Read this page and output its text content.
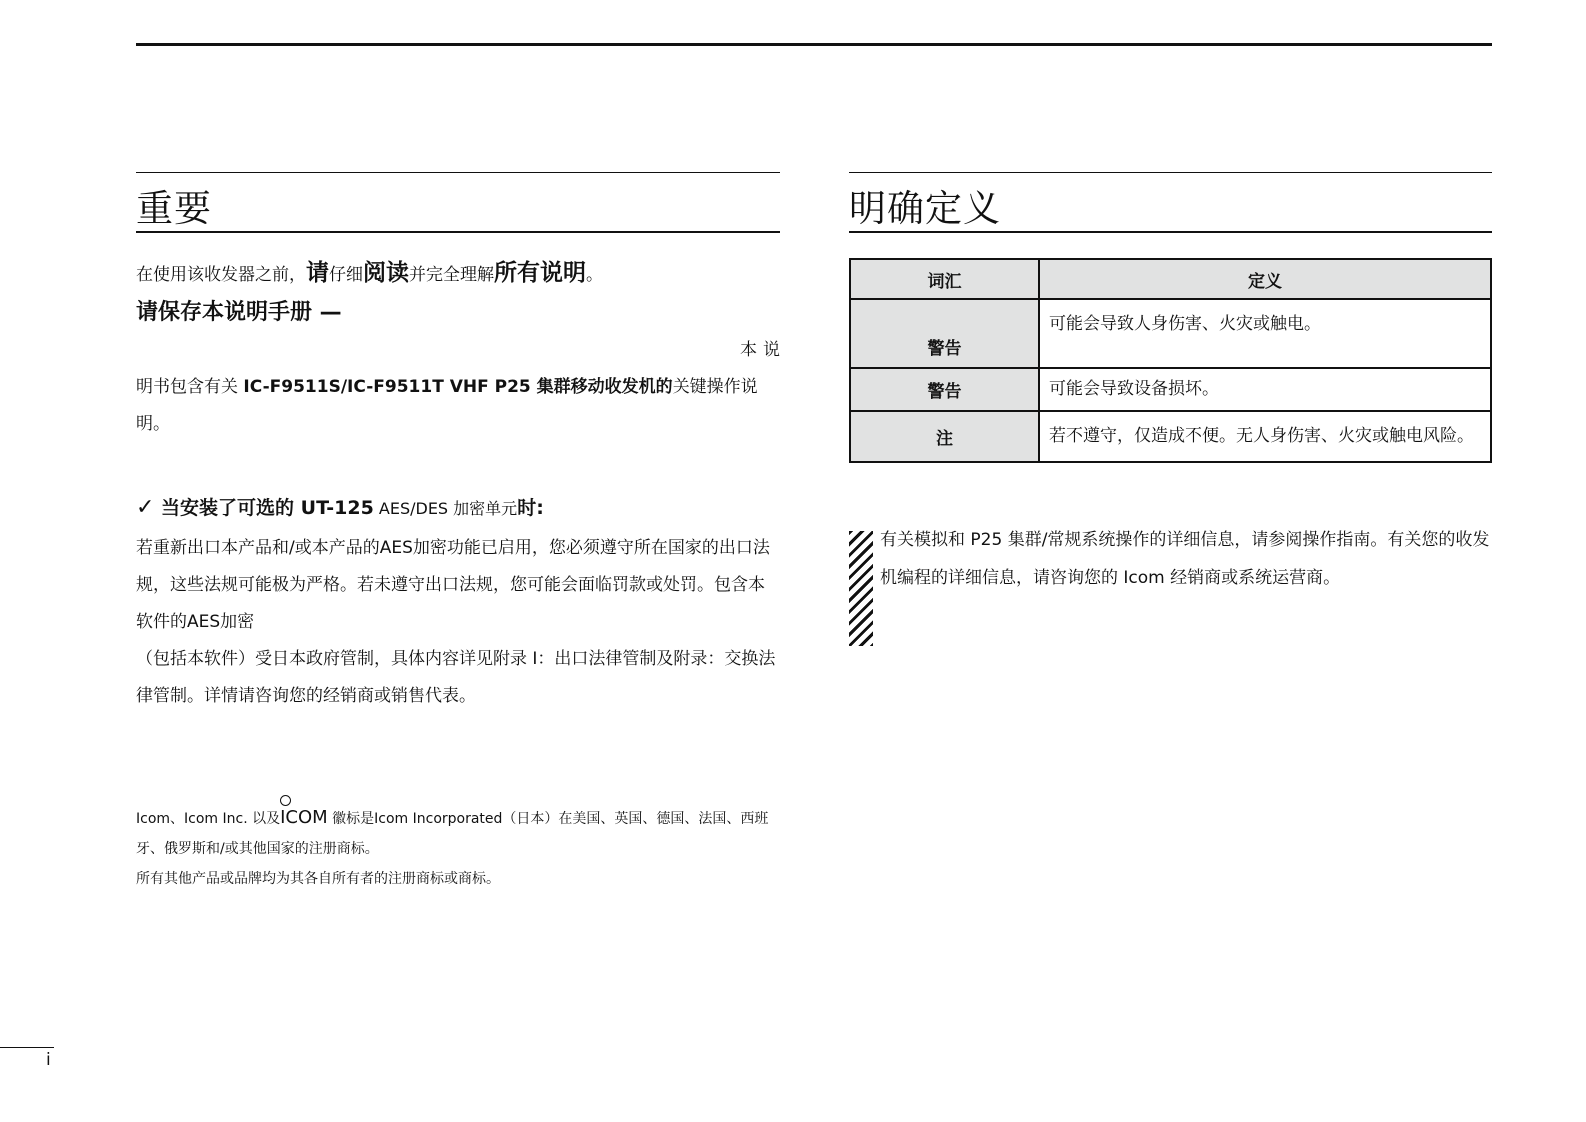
重要
在使用该收发器之前，请仔细阅读并完全理解所有说明。
请保存本说明手册 —
本说
明书包含有关 IC-F9511S/IC-F9511T VHF P25 集群移动收发机的关键操作说明。
✓ 当安装了可选的 UT-125 AES/DES 加密单元时:
若重新出口本产品和/或本产品的AES加密功能已启用，您必须遵守所在国家的出口法规，这些法规可能极为严格。若未遵守出口法规，您可能会面临罚款或处罚。包含本软件的AES加密
（包括本软件）受日本政府管制，具体内容详见附录 I：出口法律管制及附录：交换法律管制。详情请咨询您的经销商或销售代表。
Icom、Icom Inc. 以及ICOM 徽标是Icom Incorporated（日本）在美国、英国、德国、法国、西班牙、俄罗斯和/或其他国家的注册商标。
所有其他产品或品牌均为其各自所有者的注册商标或商标。
明确定义
词汇	定义
警告	可能会导致人身伤害、火灾或触电。
警告	可能会导致设备损坏。
注	若不遵守，仅造成不便。无人身伤害、火灾或触电风险。
有关模拟和 P25 集群/常规系统操作的详细信息，请参阅操作指南。有关您的收发机编程的详细信息，请咨询您的 Icom 经销商或系统运营商。
i
